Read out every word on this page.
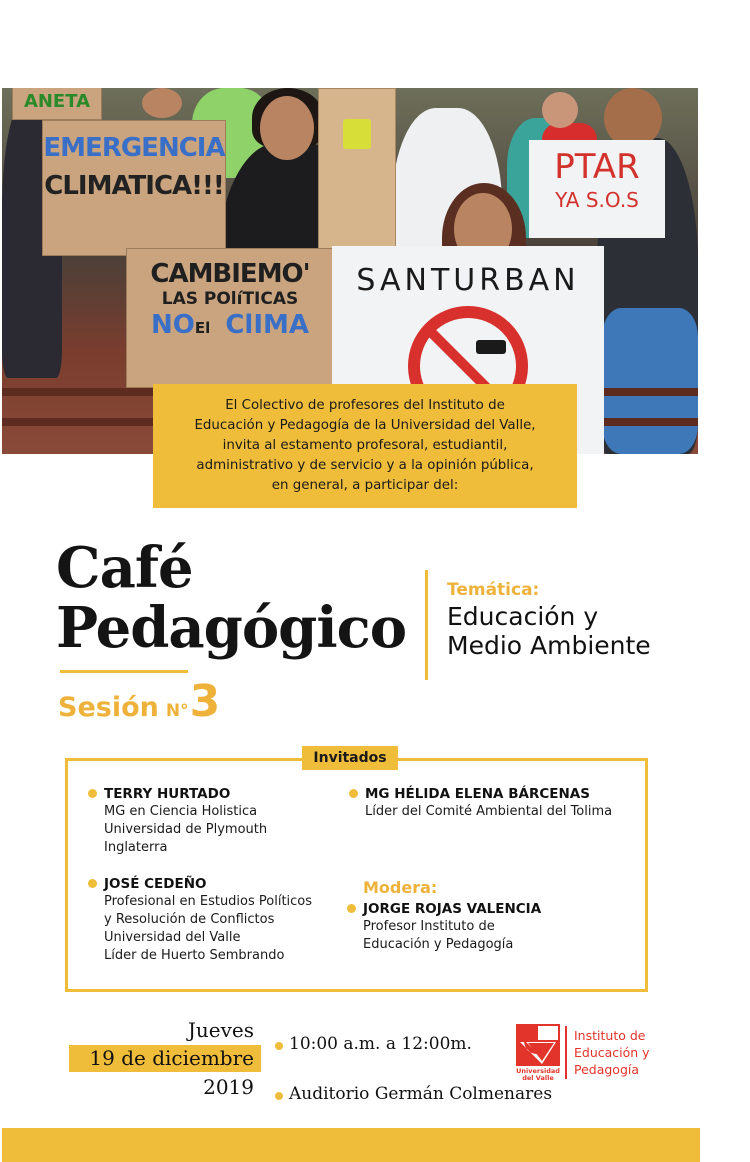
ANETA
EMERGENCIA
CLIMATICA!!!
CAMBIEMO'
LAS POlíTICAS
NOEl ClIMA
SANTURBAN
PTAR
YA S.O.S

El Colectivo de profesores del Instituto de
Educación y Pedagogía de la Universidad del Valle,
invita al estamento profesoral, estudiantil,
administrativo y de servicio y a la opinión pública,
en general, a participar del:

Café
Pedagógico
Sesión N° 3
Temática:
Educación y
Medio Ambiente
Invitados
TERRY HURTADO
MG en Ciencia Holistica
Universidad de Plymouth
Inglaterra
MG HÉLIDA ELENA BÁRCENAS
Líder del Comité Ambiental del Tolima
JOSÉ CEDEÑO
Profesional en Estudios Políticos
y Resolución de Conflictos
Universidad del Valle
Líder de Huerto Sembrando
Modera:
JORGE ROJAS VALENCIA
Profesor Instituto de
Educación y Pedagogía
Jueves
19 de diciembre
2019
10:00 a.m. a 12:00m.
Auditorio Germán Colmenares
Universidad
del Valle
Instituto de
Educación y
Pedagogía
